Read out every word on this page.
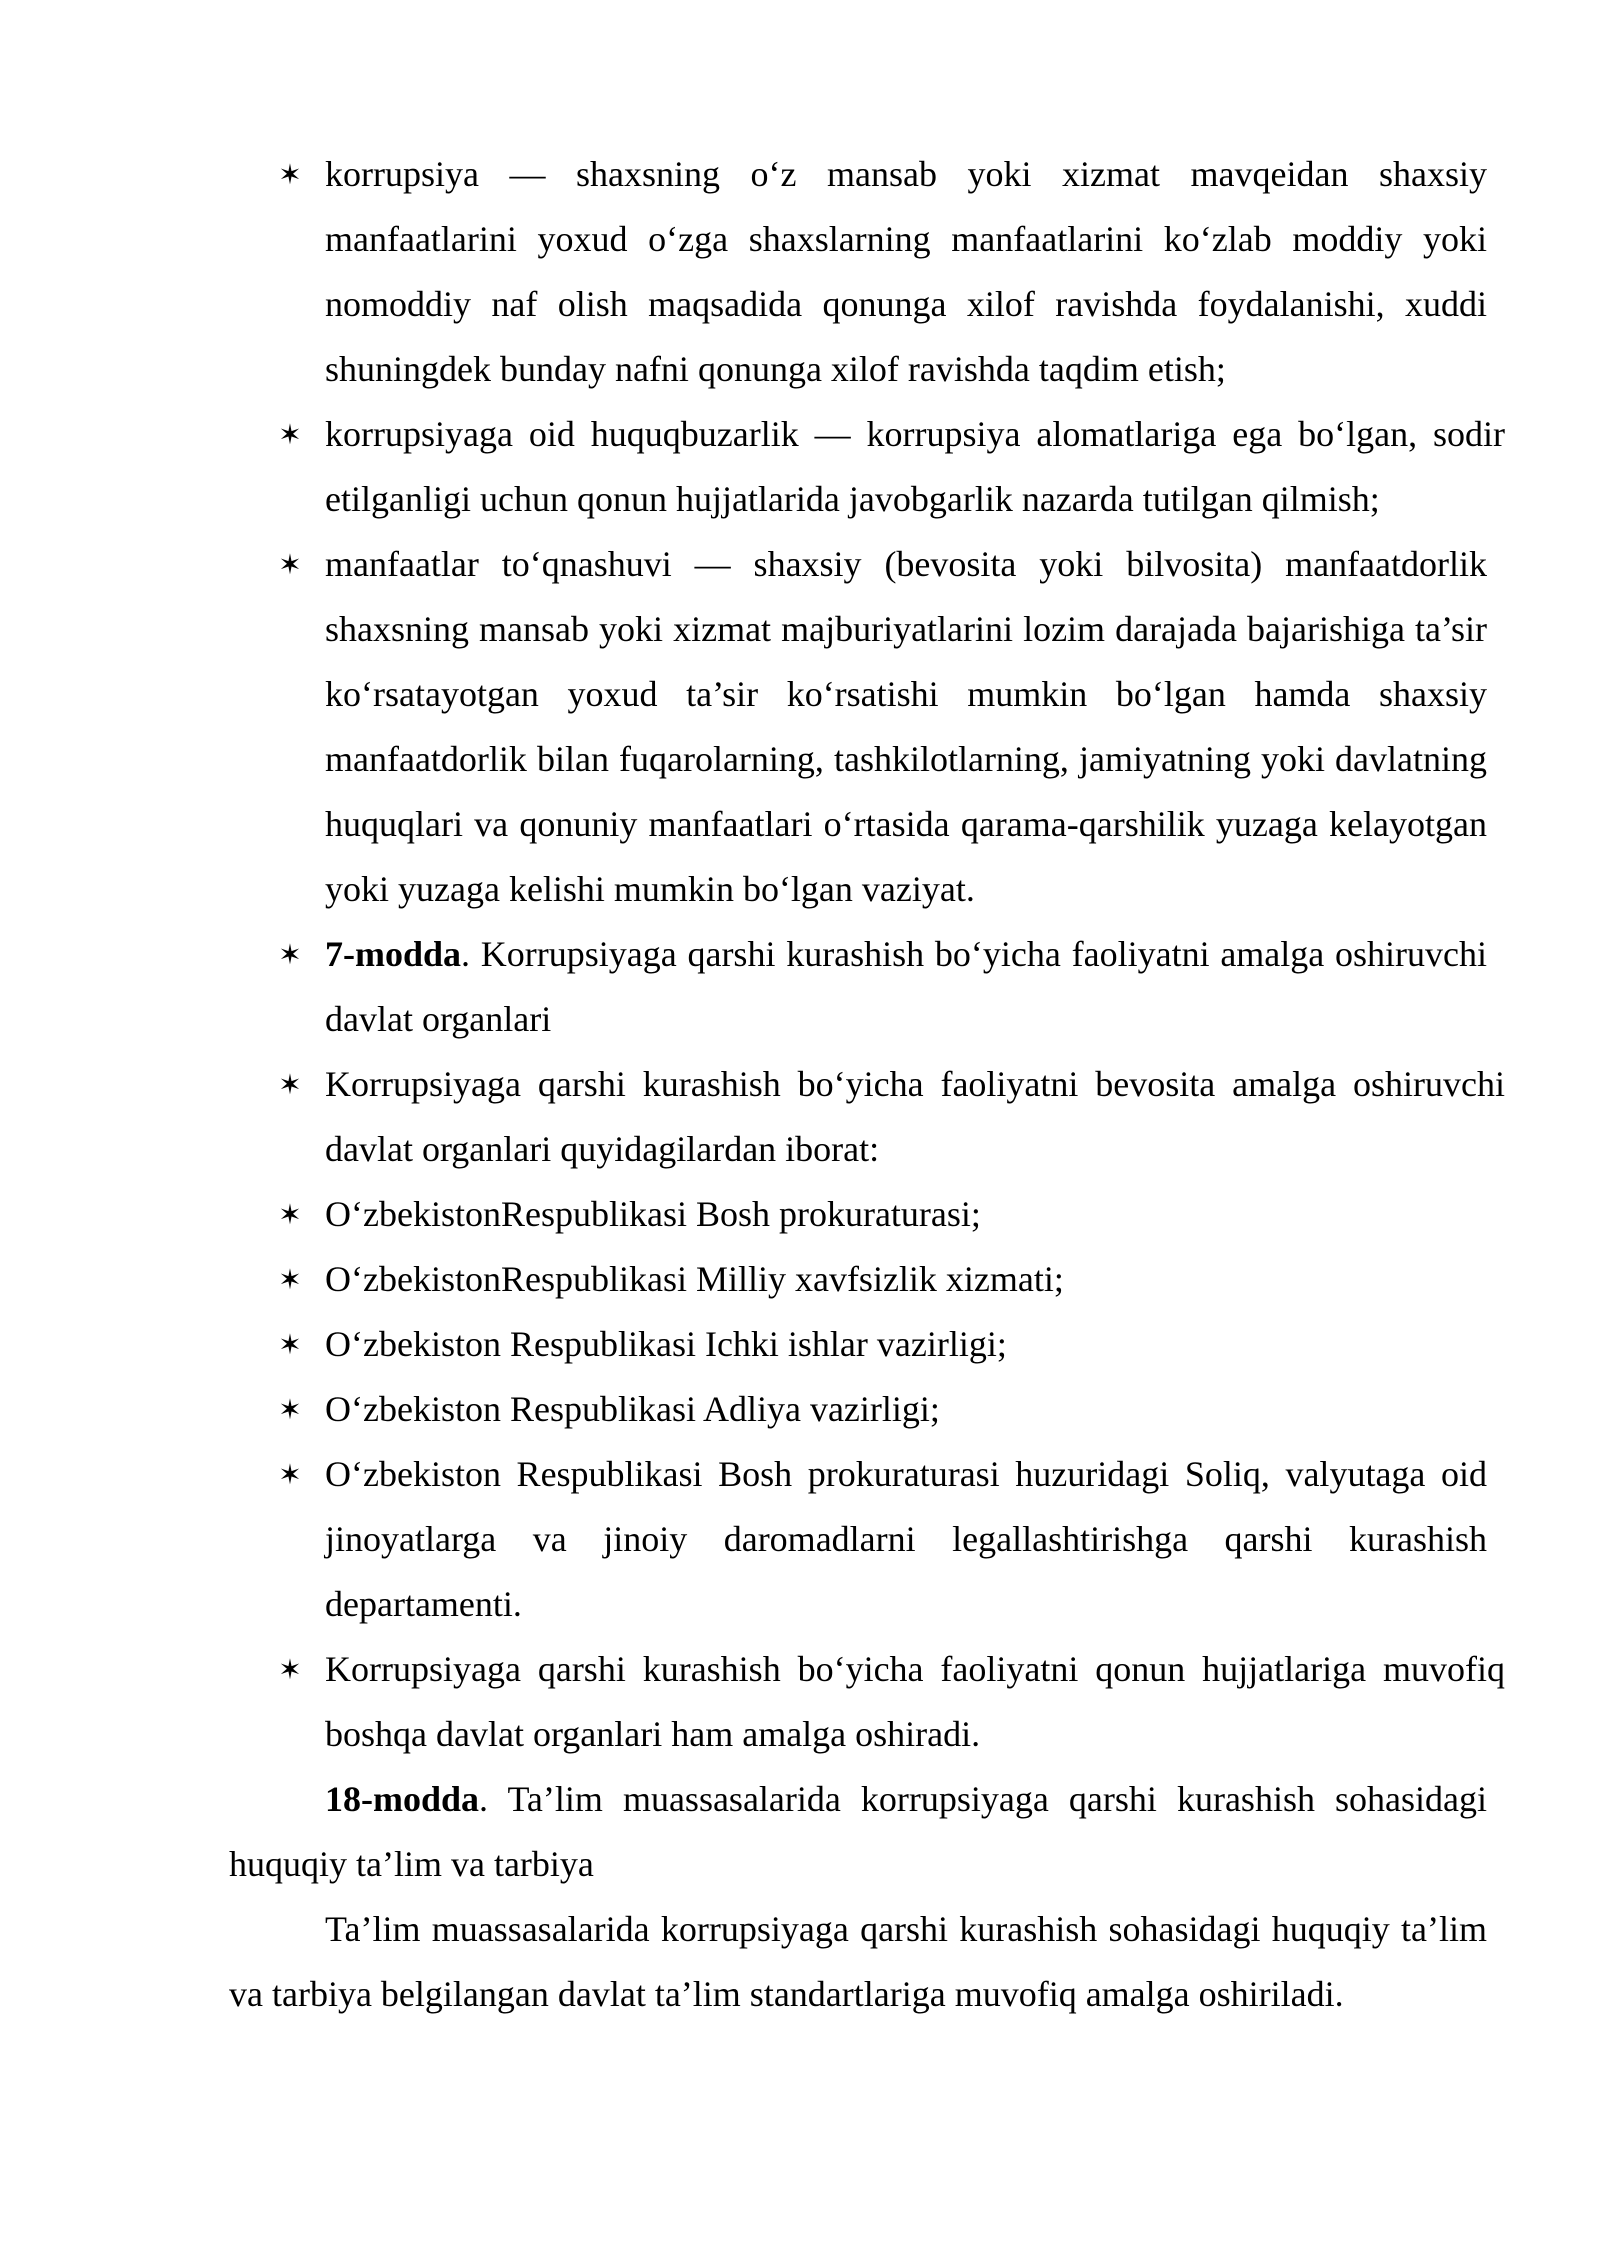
✶ korrupsiya — shaxsning o‘z mansab yoki xizmat mavqeidan shaxsiy manfaatlarini yoxud o‘zga shaxslarning manfaatlarini ko‘zlab moddiy yoki nomoddiy naf olish maqsadida qonunga xilof ravishda foydalanishi, xuddi shuningdek bunday nafni qonunga xilof ravishda taqdim etish;
✶ korrupsiyaga oid huquqbuzarlik — korrupsiya alomatlariga ega bo‘lgan, sodir etilganligi uchun qonun hujjatlarida javobgarlik nazarda tutilgan qilmish;
✶ manfaatlar to‘qnashuvi — shaxsiy (bevosita yoki bilvosita) manfaatdorlik shaxsning mansab yoki xizmat majburiyatlarini lozim darajada bajarishiga ta’sir ko‘rsatayotgan yoxud ta’sir ko‘rsatishi mumkin bo‘lgan hamda shaxsiy manfaatdorlik bilan fuqarolarning, tashkilotlarning, jamiyatning yoki davlatning huquqlari va qonuniy manfaatlari o‘rtasida qarama-qarshilik yuzaga kelayotgan yoki yuzaga kelishi mumkin bo‘lgan vaziyat.
✶ 7-modda. Korrupsiyaga qarshi kurashish bo‘yicha faoliyatni amalga oshiruvchi davlat organlari
✶ Korrupsiyaga qarshi kurashish bo‘yicha faoliyatni bevosita amalga oshiruvchi davlat organlari quyidagilardan iborat:
✶ O‘zbekistonRespublikasi Bosh prokuraturasi;
✶ O‘zbekistonRespublikasi Milliy xavfsizlik xizmati;
✶ O‘zbekiston Respublikasi Ichki ishlar vazirligi;
✶ O‘zbekiston Respublikasi Adliya vazirligi;
✶ O‘zbekiston Respublikasi Bosh prokuraturasi huzuridagi Soliq, valyutaga oid jinoyatlarga va jinoiy daromadlarni legallashtirishga qarshi kurashish departamenti.
✶ Korrupsiyaga qarshi kurashish bo‘yicha faoliyatni qonun hujjatlariga muvofiq boshqa davlat organlari ham amalga oshiradi.

18-modda. Ta’lim muassasalarida korrupsiyaga qarshi kurashish sohasidagi huquqiy ta’lim va tarbiya

Ta’lim muassasalarida korrupsiyaga qarshi kurashish sohasidagi huquqiy ta’lim va tarbiya belgilangan davlat ta’lim standartlariga muvofiq amalga oshiriladi.
